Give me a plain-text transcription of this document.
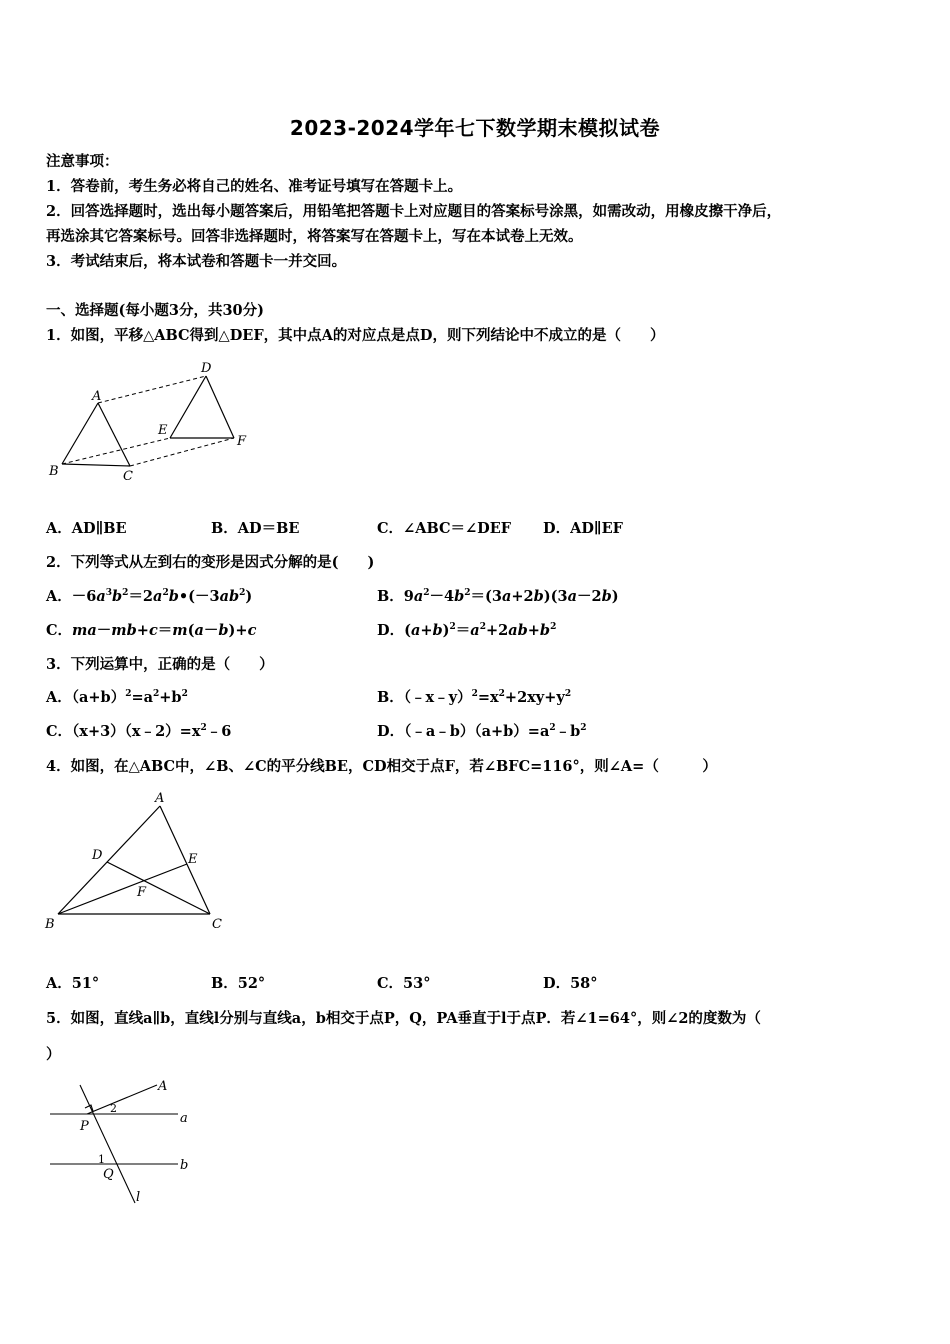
2023-2024学年七下数学期末模拟试卷
注意事项：
1．答卷前，考生务必将自己的姓名、准考证号填写在答题卡上。
2．回答选择题时，选出每小题答案后，用铅笔把答题卡上对应题目的答案标号涂黑，如需改动，用橡皮擦干净后，
再选涂其它答案标号。回答非选择题时，将答案写在答题卡上，写在本试卷上无效。
3．考试结束后，将本试卷和答题卡一并交回。
一、选择题(每小题3分，共30分)
1．如图，平移△ABC得到△DEF，其中点A的对应点是点D，则下列结论中不成立的是（　　）
A
B	C
D
E
F
A．AD∥BE	B．AD＝BE	C．∠ABC＝∠DEF D．AD∥EF
2．下列等式从左到右的变形是因式分解的是(　　)
A．$-6a^3b^2=2a^2b•(-3ab^2)$	B．$9a^2-4b^2=(3a+2b)(3a-2b)$
C．ma－mb+c＝m(a－b)+c	D．$(a+b)^2=a^2+2ab+b^2$
3．下列运算中，正确的是（　　）
A．$(a+b)^2=a^2+b^2$	B．$(﹣x﹣y)^2=x^2+2xy+y^2$
C．$(x+3)(x﹣2)=x^2﹣6$	D．$(﹣a﹣b)(a+b)=a^2﹣b^2$
4．如图，在△ABC中，∠B、∠C的平分线BE，CD相交于点F，若∠BFC=116°，则∠A=（　　　）
A
B	C
D	E
F
A．51°	B．52°	C．53°	D．58°
5．如图，直线a∥b，直线l分别与直线a，b相交于点P，Q，PA垂直于l于点P．若∠1=64°，则∠2的度数为（
）
A
P
Q
a
b
l
1
2
